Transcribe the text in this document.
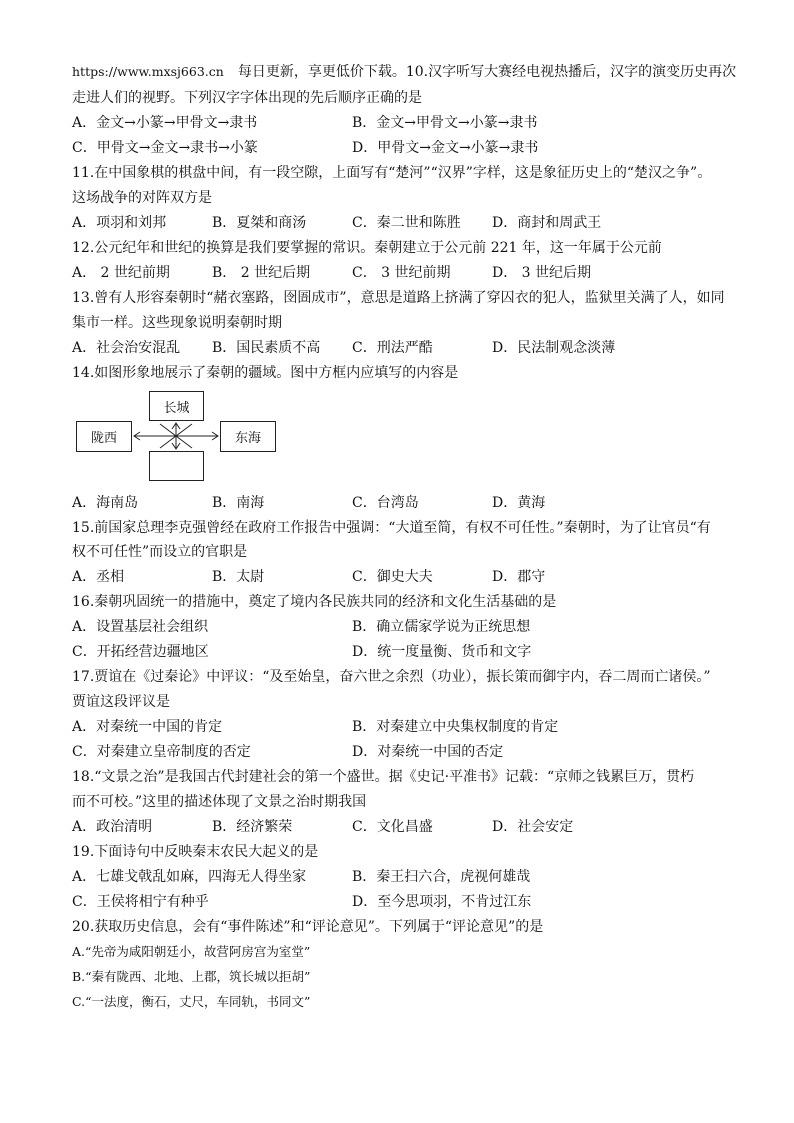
https://www.mxsj663.cn 每日更新，享更低价下载。10.汉字听写大赛经电视热播后，汉字的演变历史再次
走进人们的视野。下列汉字字体出现的先后顺序正确的是
A．金文→小篆→甲骨文→隶书	B．金文→甲骨文→小篆→隶书
C．甲骨文→金文→隶书→小篆	D．甲骨文→金文→小篆→隶书
11.在中国象棋的棋盘中间，有一段空隙，上面写有“楚河”“汉界”字样，这是象征历史上的“楚汉之争”。
这场战争的对阵双方是
A．项羽和刘邦	B．夏桀和商汤	C．秦二世和陈胜 D．商封和周武王
12.公元纪年和世纪的换算是我们要掌握的常识。秦朝建立于公元前 221 年，这一年属于公元前
A． 2 世纪前期	B． 2 世纪后期	C． 3 世纪前期	D． 3 世纪后期
13.曾有人形容秦朝时“赭衣塞路，囹圄成市”，意思是道路上挤满了穿囚衣的犯人，监狱里关满了人，如同
集市一样。这些现象说明秦朝时期
A．社会治安混乱 B．国民素质不高 C．刑法严酷	D．民法制观念淡薄
14.如图形象地展示了秦朝的疆域。图中方框内应填写的内容是
长城
陇西	东海
A．海南岛	B．南海	C．台湾岛	D．黄海
15.前国家总理李克强曾经在政府工作报告中强调：“大道至简，有权不可任性。”秦朝时，为了让官员“有
权不可任性”而设立的官职是
A．丞相	B．太尉	C．御史大夫	D．郡守
16.秦朝巩固统一的措施中，奠定了境内各民族共同的经济和文化生活基础的是
A．设置基层社会组织	B．确立儒家学说为正统思想
C．开拓经营边疆地区	D．统一度量衡、货币和文字
17.贾谊在《过秦论》中评议：“及至始皇，奋六世之余烈（功业），振长策而御宇内，吞二周而亡诸侯。”
贾谊这段评议是
A．对秦统一中国的肯定	B．对秦建立中央集权制度的肯定
C．对秦建立皇帝制度的否定	D．对秦统一中国的否定
18.“文景之治”是我国古代封建社会的第一个盛世。据《史记·平准书》记载：“京师之钱累巨万，贯朽
而不可校。”这里的描述体现了文景之治时期我国
A．政治清明	B．经济繁荣	C．文化昌盛	D．社会安定
19.下面诗句中反映秦末农民大起义的是
A．七雄戈戟乱如麻，四海无人得坐家	B．秦王扫六合，虎视何雄哉
C．王侯将相宁有种乎	D．至今思项羽，不肯过江东
20.获取历史信息，会有“事件陈述”和“评论意见”。下列属于“评论意见”的是
A.“先帝为咸阳朝廷小，故营阿房宫为室堂”
B.“秦有陇西、北地、上郡，筑长城以拒胡”
C.“一法度，衡石，丈尺，车同轨，书同文”
